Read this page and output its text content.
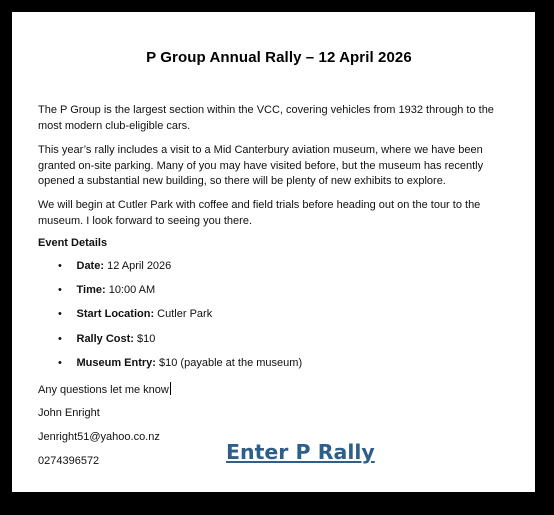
P Group Annual Rally – 12 April 2026

The P Group is the largest section within the VCC, covering vehicles from 1932 through to the most modern club-eligible cars.

This year’s rally includes a visit to a Mid Canterbury aviation museum, where we have been granted on-site parking. Many of you may have visited before, but the museum has recently opened a substantial new building, so there will be plenty of new exhibits to explore.

We will begin at Cutler Park with coffee and field trials before heading out on the tour to the museum. I look forward to seeing you there.

Event Details

• Date: 12 April 2026
• Time: 10:00 AM
• Start Location: Cutler Park
• Rally Cost: $10
• Museum Entry: $10 (payable at the museum)

Any questions let me know

John Enright

Jenright51@yahoo.co.nz

0274396572	Enter P Rally
